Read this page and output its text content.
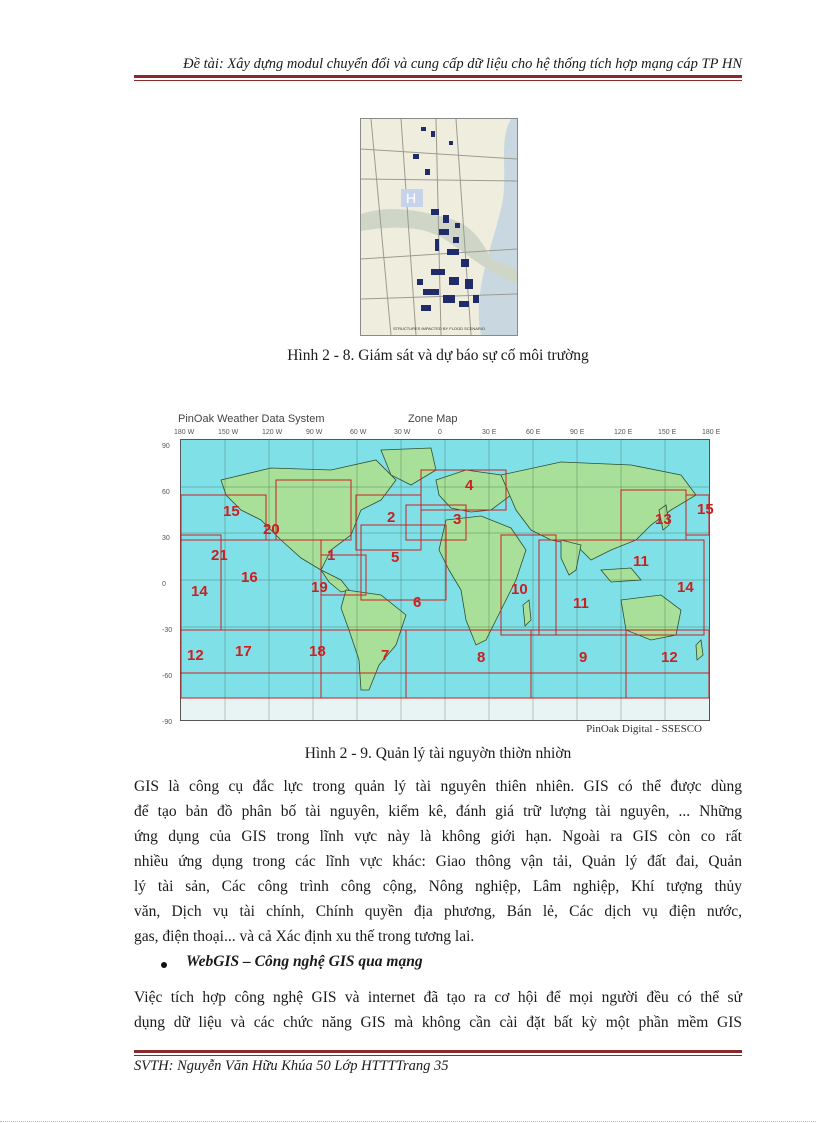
Đề tài: Xây dựng modul chuyển đổi và cung cấp dữ liệu cho hệ thống tích hợp mạng cáp TP HN
H
STRUCTURES IMPACTED BY FLOOD SCENARIO
Hình 2 - 8. Giám sát và dự báo sự cố môi trường
PinOak Weather Data System	Zone Map
180 W	150 W	120 W	90 W	60 W	30 W	0	30 E	60 E	90 E	120 E	150 E	180 E
90
60
30
0
-30
-60
-90
4
2	3
15
20
13
15
1	5
21	11
16
19
14	10	14
6	11
12 17	18	7	8	9	12
PinOak Digital - SSESCO
Hình 2 - 9. Quản lý tài nguyờn thiờn nhiờn
GIS là công cụ đắc lực trong quản lý tài nguyên thiên nhiên. GIS có thể được dùng
để tạo bản đồ phân bố tài nguyên, kiểm kê, đánh giá trữ lượng tài nguyên, ... Những
ứng dụng của GIS trong lĩnh vực này là không giới hạn. Ngoài ra GIS còn co rất
nhiều ứng dụng trong các lĩnh vực khác: Giao thông vận tải, Quản lý đất đai, Quản
lý tài sản, Các công trình công cộng, Nông nghiệp, Lâm nghiệp, Khí tượng thủy
văn, Dịch vụ tài chính, Chính quyền địa phương, Bán lẻ, Các dịch vụ điện nước,
gas, điện thoại... và cả Xác định xu thế trong tương lai.
WebGIS – Công nghệ GIS qua mạng
Việc tích hợp công nghệ GIS và internet đã tạo ra cơ hội để mọi người đều có thể sử
dụng dữ liệu và các chức năng GIS mà không cần cài đặt bất kỳ một phần mềm GIS
SVTH: Nguyễn Văn Hữu Khúa 50 Lớp HTTTTrang 35
